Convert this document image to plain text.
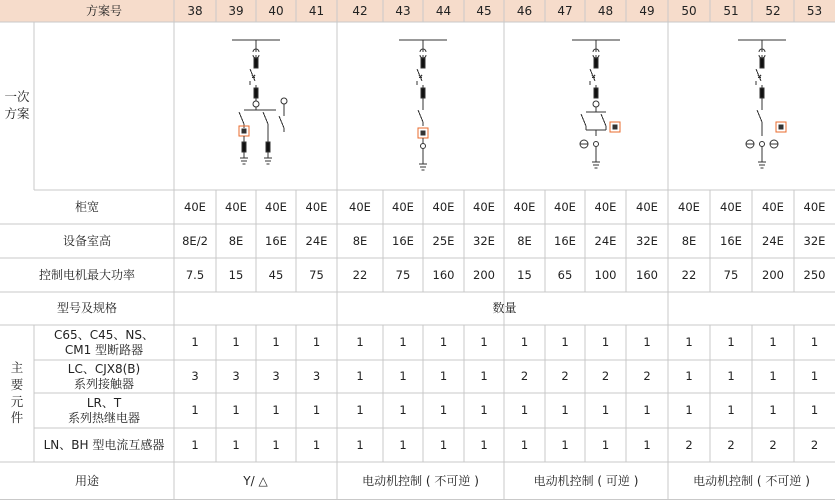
方案号	38	39	40	41	42	43	44	45	46	47	48	49	50	51	52	53
一次
方案
柜宽	40E	40E	40E	40E	40E	40E	40E	40E	40E	40E	40E	40E	40E	40E	40E	40E
设备室高	8E/2	8E	16E	24E	8E	16E	25E	32E	8E	16E	24E	32E	8E	16E	24E	32E
控制电机最大功率	7.5	15	45	75	22	75	160	200	15	65	100	160	22	75	200	250
型号及规格	数量
主
要
元
件
C65、C45、NS、
CM1 型断路器
1	1	1	1	1	1	1	1	1	1	1	1	1	1	1	1
LC、CJX8(B)
系列接触器
3	3	3	3	1	1	1	1	2	2	2	2	1	1	1	1
LR、T
系列热继电器
1	1	1	1	1	1	1	1	1	1	1	1	1	1	1	1
LN、BH 型电流互感器	1	1	1	1	1	1	1	1	1	1	1	1	2	2	2	2
用途	Y/ △	电动机控制 ( 不可逆 )	电动机控制 ( 可逆 )	电动机控制 ( 不可逆 )
